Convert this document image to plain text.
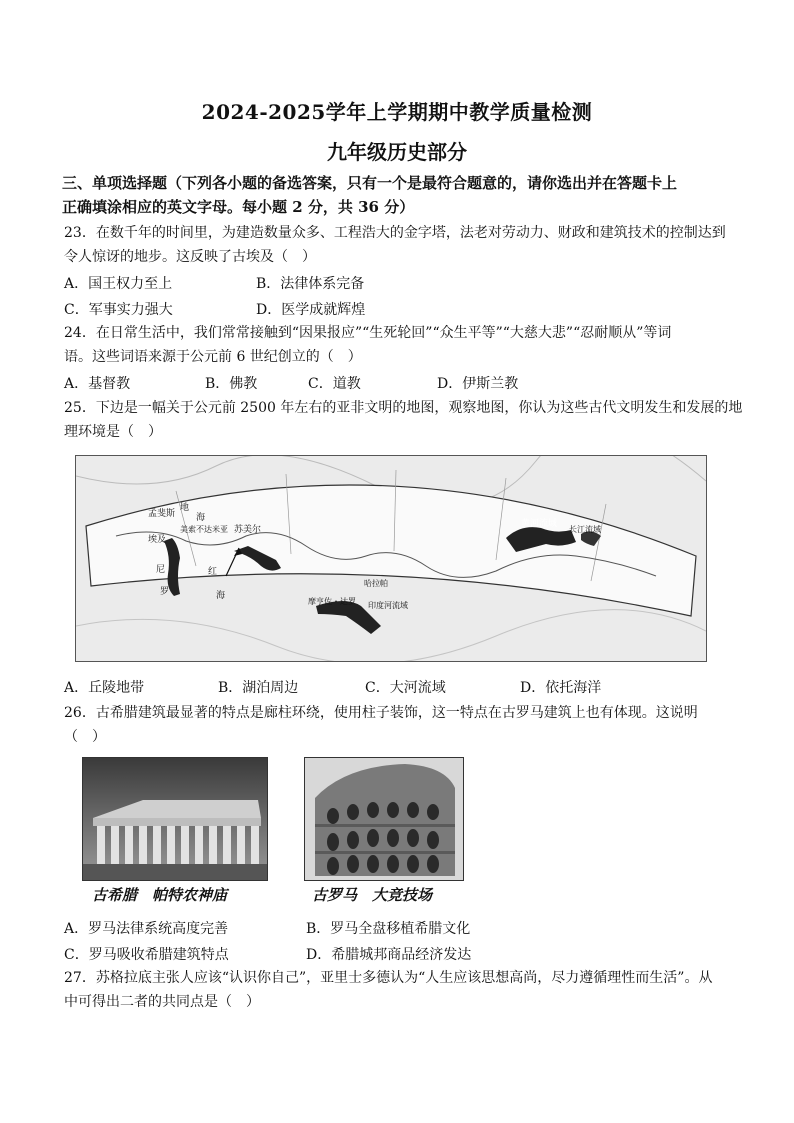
2024-2025学年上学期期中教学质量检测
九年级历史部分
三、单项选择题（下列各小题的备选答案，只有一个是最符合题意的，请你选出并在答题卡上
正确填涂相应的英文字母。每小题 2 分，共 36 分）
23．在数千年的时间里，为建造数量众多、工程浩大的金字塔，法老对劳动力、财政和建筑技术的控制达到
令人惊讶的地步。这反映了古埃及（　）
A．国王权力至上	B．法律体系完备
C．军事实力强大	D．医学成就辉煌
24．在日常生活中，我们常常接触到“因果报应”“生死轮回”“众生平等”“大慈大悲”“忍耐顺从”等词
语。这些词语来源于公元前 6 世纪创立的（　）
A．基督教	B．佛教	C．道教	D．伊斯兰教
25．下边是一幅关于公元前 2500 年左右的亚非文明的地图，观察地图，你认为这些古代文明发生和发展的地
理环境是（　）
孟斐斯
埃及
美索不达米亚 苏美尔
哈拉帕
摩亨佐・达罗 印度河流域
黄河流域
长江流域
地
海
尼
罗
红
海
A．丘陵地带	B．湖泊周边	C．大河流域	D．依托海洋
26．古希腊建筑最显著的特点是廊柱环绕，使用柱子装饰，这一特点在古罗马建筑上也有体现。这说明
（　）
古希腊　帕特农神庙	古罗马　大竞技场
A．罗马法律系统高度完善	B．罗马全盘移植希腊文化
C．罗马吸收希腊建筑特点	D．希腊城邦商品经济发达
27．苏格拉底主张人应该“认识你自己”，亚里士多德认为“人生应该思想高尚，尽力遵循理性而生活”。从
中可得出二者的共同点是（　）
